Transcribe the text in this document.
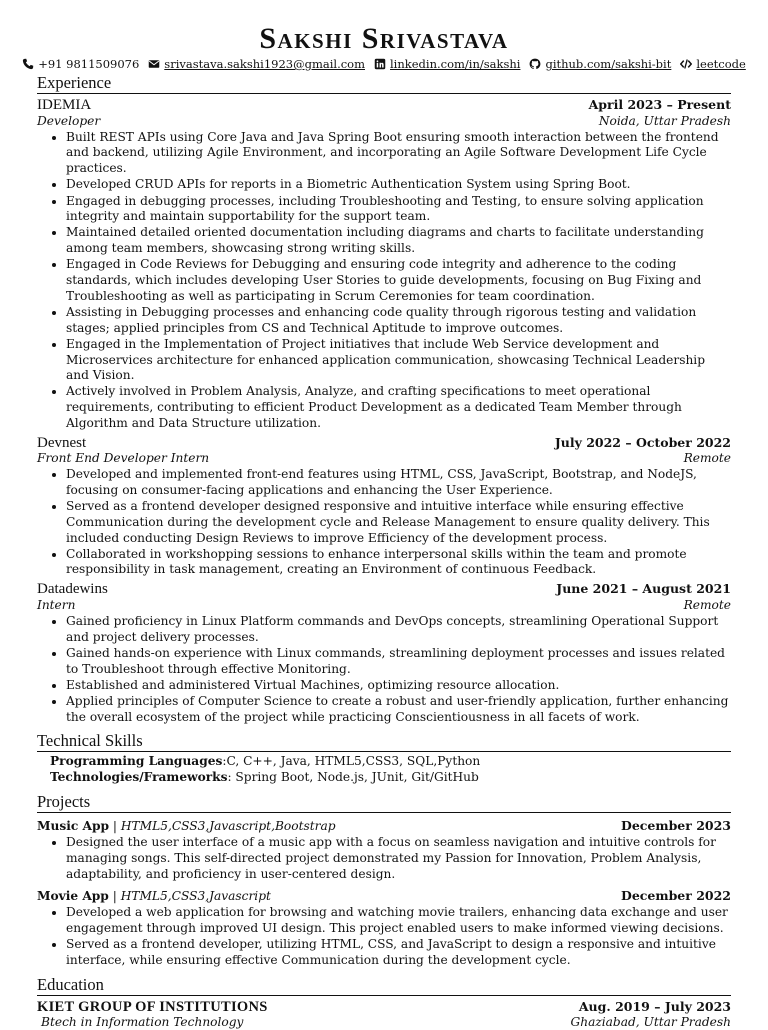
Sakshi Srivastava
+91 9811509076 srivastava.sakshi1923@gmail.com linkedin.com/in/sakshi github.com/sakshi-bit leetcode
Experience
IDEMIA	April 2023 – Present
Developer	Noida, Uttar Pradesh
• Built REST APIs using Core Java and Java Spring Boot ensuring smooth interaction between the frontend and backend, utilizing Agile Environment, and incorporating an Agile Software Development Life Cycle practices.
• Developed CRUD APIs for reports in a Biometric Authentication System using Spring Boot.
• Engaged in debugging processes, including Troubleshooting and Testing, to ensure solving application integrity and maintain supportability for the support team.
• Maintained detailed oriented documentation including diagrams and charts to facilitate understanding among team members, showcasing strong writing skills.
• Engaged in Code Reviews for Debugging and ensuring code integrity and adherence to the coding standards, which includes developing User Stories to guide developments, focusing on Bug Fixing and Troubleshooting as well as participating in Scrum Ceremonies for team coordination.
• Assisting in Debugging processes and enhancing code quality through rigorous testing and validation stages; applied principles from CS and Technical Aptitude to improve outcomes.
• Engaged in the Implementation of Project initiatives that include Web Service development and Microservices architecture for enhanced application communication, showcasing Technical Leadership and Vision.
• Actively involved in Problem Analysis, Analyze, and crafting specifications to meet operational requirements, contributing to efficient Product Development as a dedicated Team Member through Algorithm and Data Structure utilization.
Devnest	July 2022 – October 2022
Front End Developer Intern	Remote
• Developed and implemented front-end features using HTML, CSS, JavaScript, Bootstrap, and NodeJS, focusing on consumer-facing applications and enhancing the User Experience.
• Served as a frontend developer designed responsive and intuitive interface while ensuring effective Communication during the development cycle and Release Management to ensure quality delivery. This included conducting Design Reviews to improve Efficiency of the development process.
• Collaborated in workshopping sessions to enhance interpersonal skills within the team and promote responsibility in task management, creating an Environment of continuous Feedback.
Datadewins	June 2021 – August 2021
Intern	Remote
• Gained proficiency in Linux Platform commands and DevOps concepts, streamlining Operational Support and project delivery processes.
• Gained hands-on experience with Linux commands, streamlining deployment processes and issues related to Troubleshoot through effective Monitoring.
• Established and administered Virtual Machines, optimizing resource allocation.
• Applied principles of Computer Science to create a robust and user-friendly application, further enhancing the overall ecosystem of the project while practicing Conscientiousness in all facets of work.
Technical Skills
Programming Languages:C, C++, Java, HTML5,CSS3, SQL,Python
Technologies/Frameworks: Spring Boot, Node.js, JUnit, Git/GitHub
Projects
Music App | HTML5,CSS3,Javascript,Bootstrap	December 2023
• Designed the user interface of a music app with a focus on seamless navigation and intuitive controls for managing songs. This self-directed project demonstrated my Passion for Innovation, Problem Analysis, adaptability, and proficiency in user-centered design.
Movie App | HTML5,CSS3,Javascript	December 2022
• Developed a web application for browsing and watching movie trailers, enhancing data exchange and user engagement through improved UI design. This project enabled users to make informed viewing decisions.
• Served as a frontend developer, utilizing HTML, CSS, and JavaScript to design a responsive and intuitive interface, while ensuring effective Communication during the development cycle.
Education
KIET GROUP OF INSTITUTIONS	Aug. 2019 – July 2023
Btech in Information Technology	Ghaziabad, Uttar Pradesh
